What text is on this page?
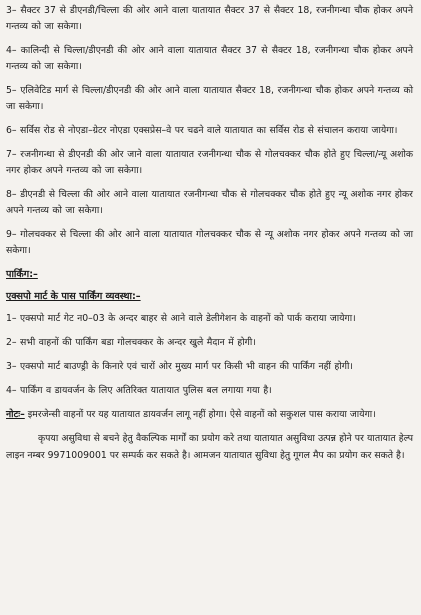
3– सैक्टर 37 से डीएनडी/चिल्ला की ओर आने वाला यातायात सैक्टर 37 से सैक्टर 18, रजनीगन्धा चौक होकर अपने गन्तव्य को जा सकेगा।

4– कालिन्दी से चिल्ला/डीएनडी की ओर आने वाला यातायात सैक्टर 37 से सैक्टर 18, रजनीगन्धा चौक होकर अपने गन्तव्य को जा सकेगा।

5– एलिवेटिड मार्ग से चिल्ला/डीएनडी की ओर आने वाला यातायात सैक्टर 18, रजनीगन्धा चौक होकर अपने गन्तव्य को जा सकेगा।

6– सर्विस रोड से नोएडा–ग्रेटर नोएडा एक्सप्रेस–वे पर चढने वाले यातायात का सर्विस रोड से संचालन कराया जायेगा।

7– रजनीगन्धा से डीएनडी की ओर जाने वाला यातायात रजनीगन्धा चौक से गोलचक्कर चौक होते हुए चिल्ला/न्यू अशोक नगर होकर अपने गन्तव्य को जा सकेगा।

8– डीएनडी से चिल्ला की ओर आने वाला यातायात रजनीगन्धा चौक से गोलचक्कर चौक होते हुए न्यू अशोक नगर होकर अपने गन्तव्य को जा सकेगा।

9– गोलचक्कर से चिल्ला की ओर आने वाला यातायात गोलचक्कर चौक से न्यू अशोक नगर होकर अपने गन्तव्य को जा सकेगा।

पार्किंग:–

एक्सपो मार्ट के पास पार्किंग व्यवस्था:–

1– एक्सपो मार्ट गेट न0–03 के अन्दर बाहर से आने वाले डेलीगेशन के वाहनों को पार्क कराया जायेगा।

2– सभी वाहनों की पार्किंग बडा गोलचक्कर के अन्दर खुले मैदान में होगी।

3– एक्सपो मार्ट बाउण्ड्री के किनारे एवं चारों ओर मुख्य मार्ग पर किसी भी वाहन की पार्किंग नहीं होगी।

4– पार्किंग व डायवर्जन के लिए अतिरिक्त यातायात पुलिस बल लगाया गया है।

नोटः– इमरजेन्सी वाहनों पर यह यातायात डायवर्जन लागू नहीं होगा। ऐसे वाहनों को सकुशल पास कराया जायेगा।

कृपया असुविधा से बचने हेतु वैकल्पिक मार्गों का प्रयोग करे तथा यातायात असुविधा उत्पन्न होने पर यातायात हेल्प लाइन नम्बर 9971009001 पर सम्पर्क कर सकते है। आमजन यातायात सुविधा हेतु गूगल मैप का प्रयोग कर सकते है।
